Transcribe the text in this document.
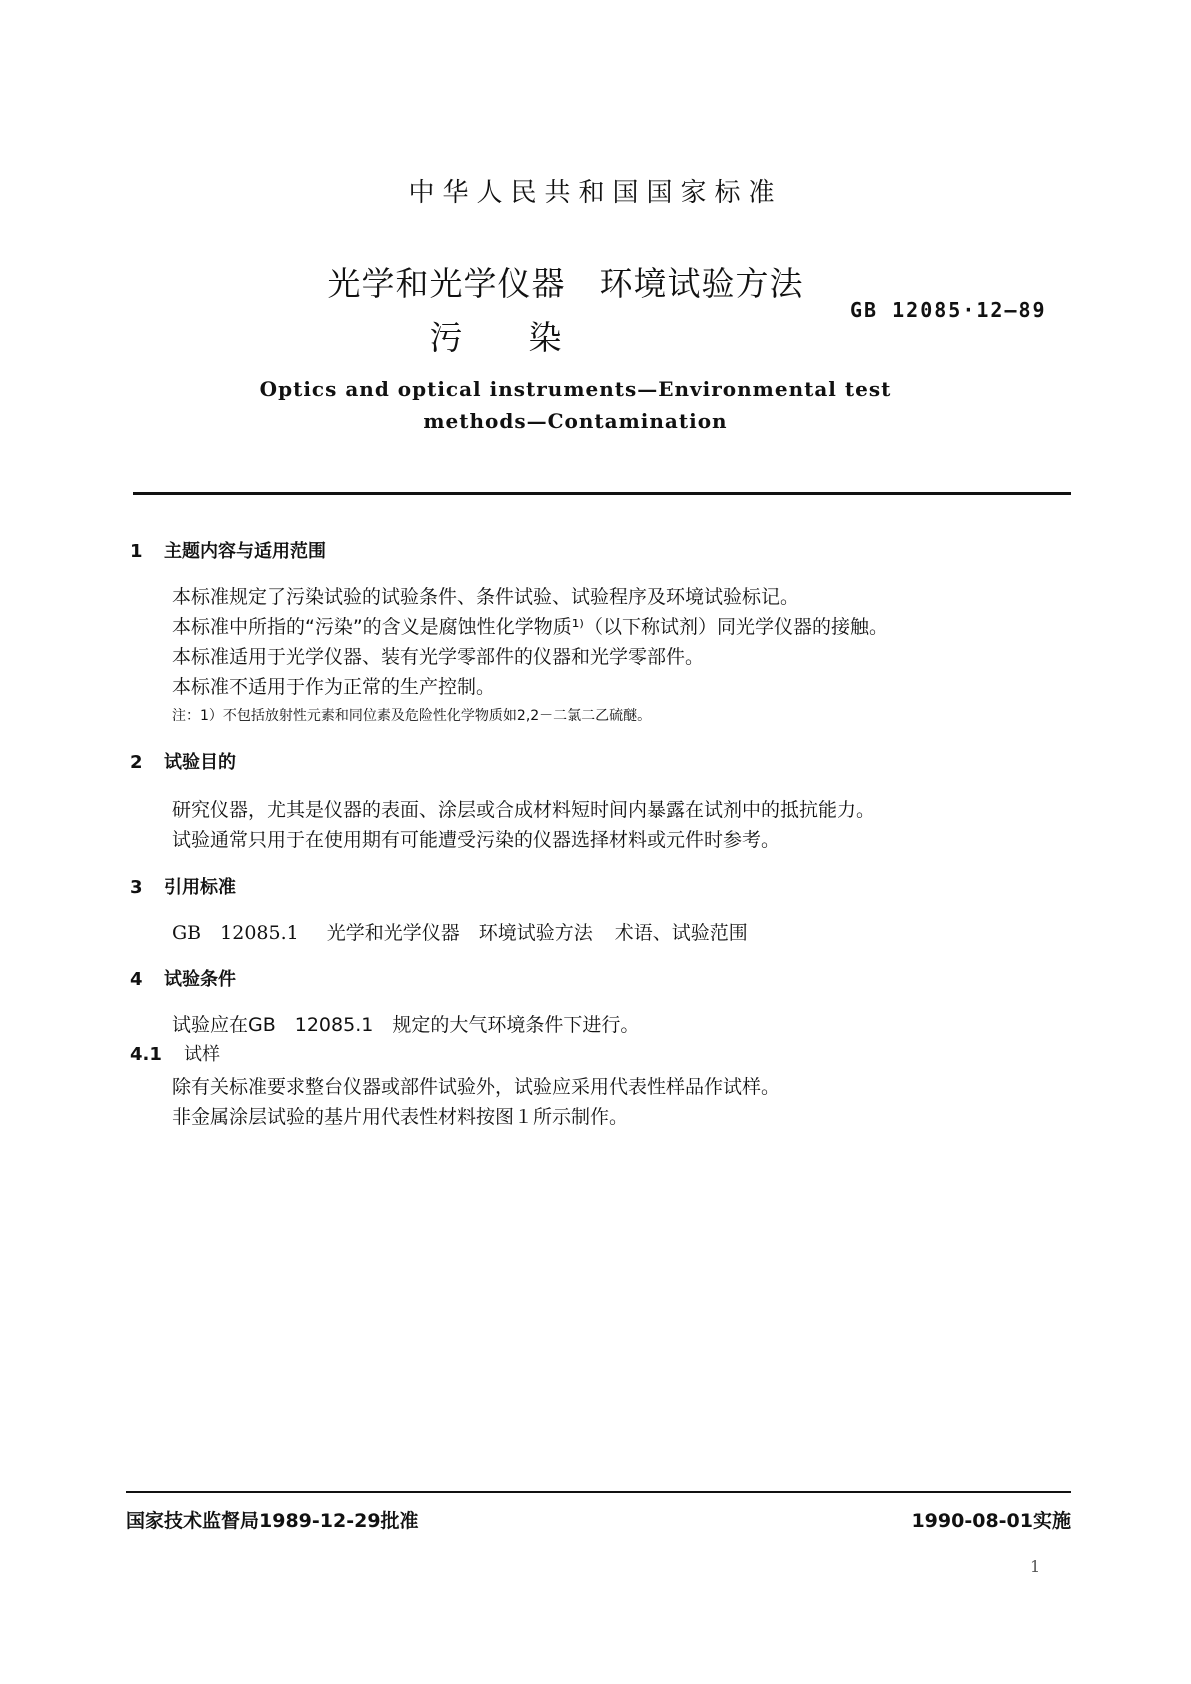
中华人民共和国国家标准
光学和光学仪器　环境试验方法
污 染
GB 12085·12—89
Optics and optical instruments—Environmental test
methods—Contamination
1 主题内容与适用范围
本标准规定了污染试验的试验条件、条件试验、试验程序及环境试验标记。
本标准中所指的“污染”的含义是腐蚀性化学物质¹⁾（以下称试剂）同光学仪器的接触。
本标准适用于光学仪器、装有光学零部件的仪器和光学零部件。
本标准不适用于作为正常的生产控制。
注：1）不包括放射性元素和同位素及危险性化学物质如2,2－二氯二乙硫醚。
2 试验目的
研究仪器，尤其是仪器的表面、涂层或合成材料短时间内暴露在试剂中的抵抗能力。
试验通常只用于在使用期有可能遭受污染的仪器选择材料或元件时参考。
3 引用标准
GB　12085.1 光学和光学仪器　环境试验方法 术语、试验范围
4 试验条件
试验应在GB　12085.1　规定的大气环境条件下进行。
4.1 试样
除有关标准要求整台仪器或部件试验外，试验应采用代表性样品作试样。
非金属涂层试验的基片用代表性材料按图１所示制作。
国家技术监督局1989-12-29批准	1990-08-01实施
1
